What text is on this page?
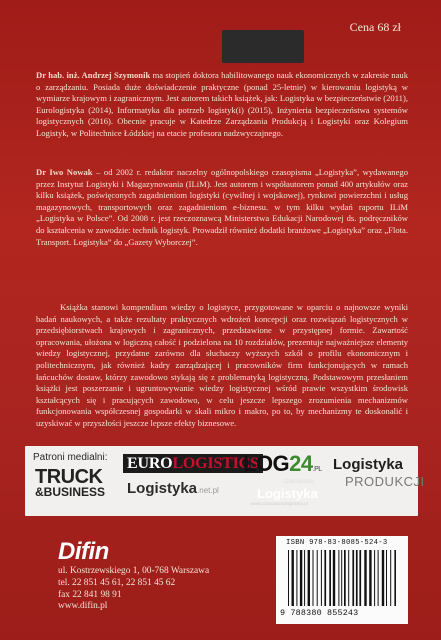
Cena 68 zł

Dr hab. inż. Andrzej Szymonik ma stopień doktora habilitowanego nauk ekonomicznych w zakresie nauk o zarządzaniu. Posiada duże doświadczenie praktyczne (ponad 25-letnie) w kierowaniu logistyką w wymiarze krajowym i zagranicznym. Jest autorem takich książek, jak: Logistyka w bezpieczeństwie (2011), Eurologistyka (2014), Informatyka dla potrzeb logistyk(i) (2015), Inżynieria bezpieczeństwa systemów logistycznych (2016). Obecnie pracuje w Katedrze Zarządzania Produkcją i Logistyki oraz Kolegium Logistyk, w Politechnice Łódzkiej na etacie profesora nadzwyczajnego.

Dr Iwo Nowak – od 2002 r. redaktor naczelny ogólnopolskiego czasopisma „Logistyka”, wydawanego przez Instytut Logistyki i Magazynowania (ILiM). Jest autorem i współautorem ponad 400 artykułów oraz kilku książek, poświęconych zagadnieniom logistyki (cywilnej i wojskowej), rynkowi powierzchni i usług magazynowych, transportowych oraz zagadnieniom e-biznesu. w tym kilku wydań raportu ILiM „Logistyka w Polsce”. Od 2008 r. jest rzeczoznawcą Ministerstwa Edukacji Narodowej ds. podręczników do kształcenia w zawodzie: technik logistyk. Prowadził również dodatki branżowe „Logistyka” oraz „Flota. Transport. Logistyka” do „Gazety Wyborczej”.

Książka stanowi kompendium wiedzy o logistyce, przygotowane w oparciu o najnowsze wyniki badań naukowych, a także rezultaty praktycznych wdrożeń koncepcji oraz rozwiązań logistycznych w przedsiębiorstwach krajowych i zagranicznych, przedstawione w przystępnej formie. Zawartość opracowania, ułożona w logiczną całość i podzielona na 10 rozdziałów, prezentuje najważniejsze elementy wiedzy logistycznej, przydatne zarówno dla słuchaczy wyższych szkół o profilu ekonomicznym i politechnicznym, jak również kadry zarządzającej i pracowników firm funkcjonujących w ramach łańcuchów dostaw, którzy zawodowo stykają się z problematyką logistyczną. Podstawowym przesłaniem książki jest poszerzanie i ugruntowywanie wiedzy logistycznej wśród prawie wszystkim środowisk kształcących się i pracujących zawodowo, w celu jeszcze lepszego zrozumienia mechanizmów funkcjonowania współczesnej gospodarki w skali mikro i makro, po to, by mechanizmy te doskonalić i uzyskiwać w przyszłości jeszcze lepsze efekty biznesowe.

Patroni medialni:
TRUCK
&BUSINESS
EUROLOGISTICS
LOG24.PL Logistyka
PRODUKCJI
Logistyka.net.pl
czasopismo
Logistyka
www.czasopismologistyka.pl
Difin
ul. Kostrzewskiego 1, 00-768 Warszawa
tel. 22 851 45 61, 22 851 45 62
fax 22 841 98 91
www.difin.pl
ISBN 978-83-8085-524-3
9 788380 855243
